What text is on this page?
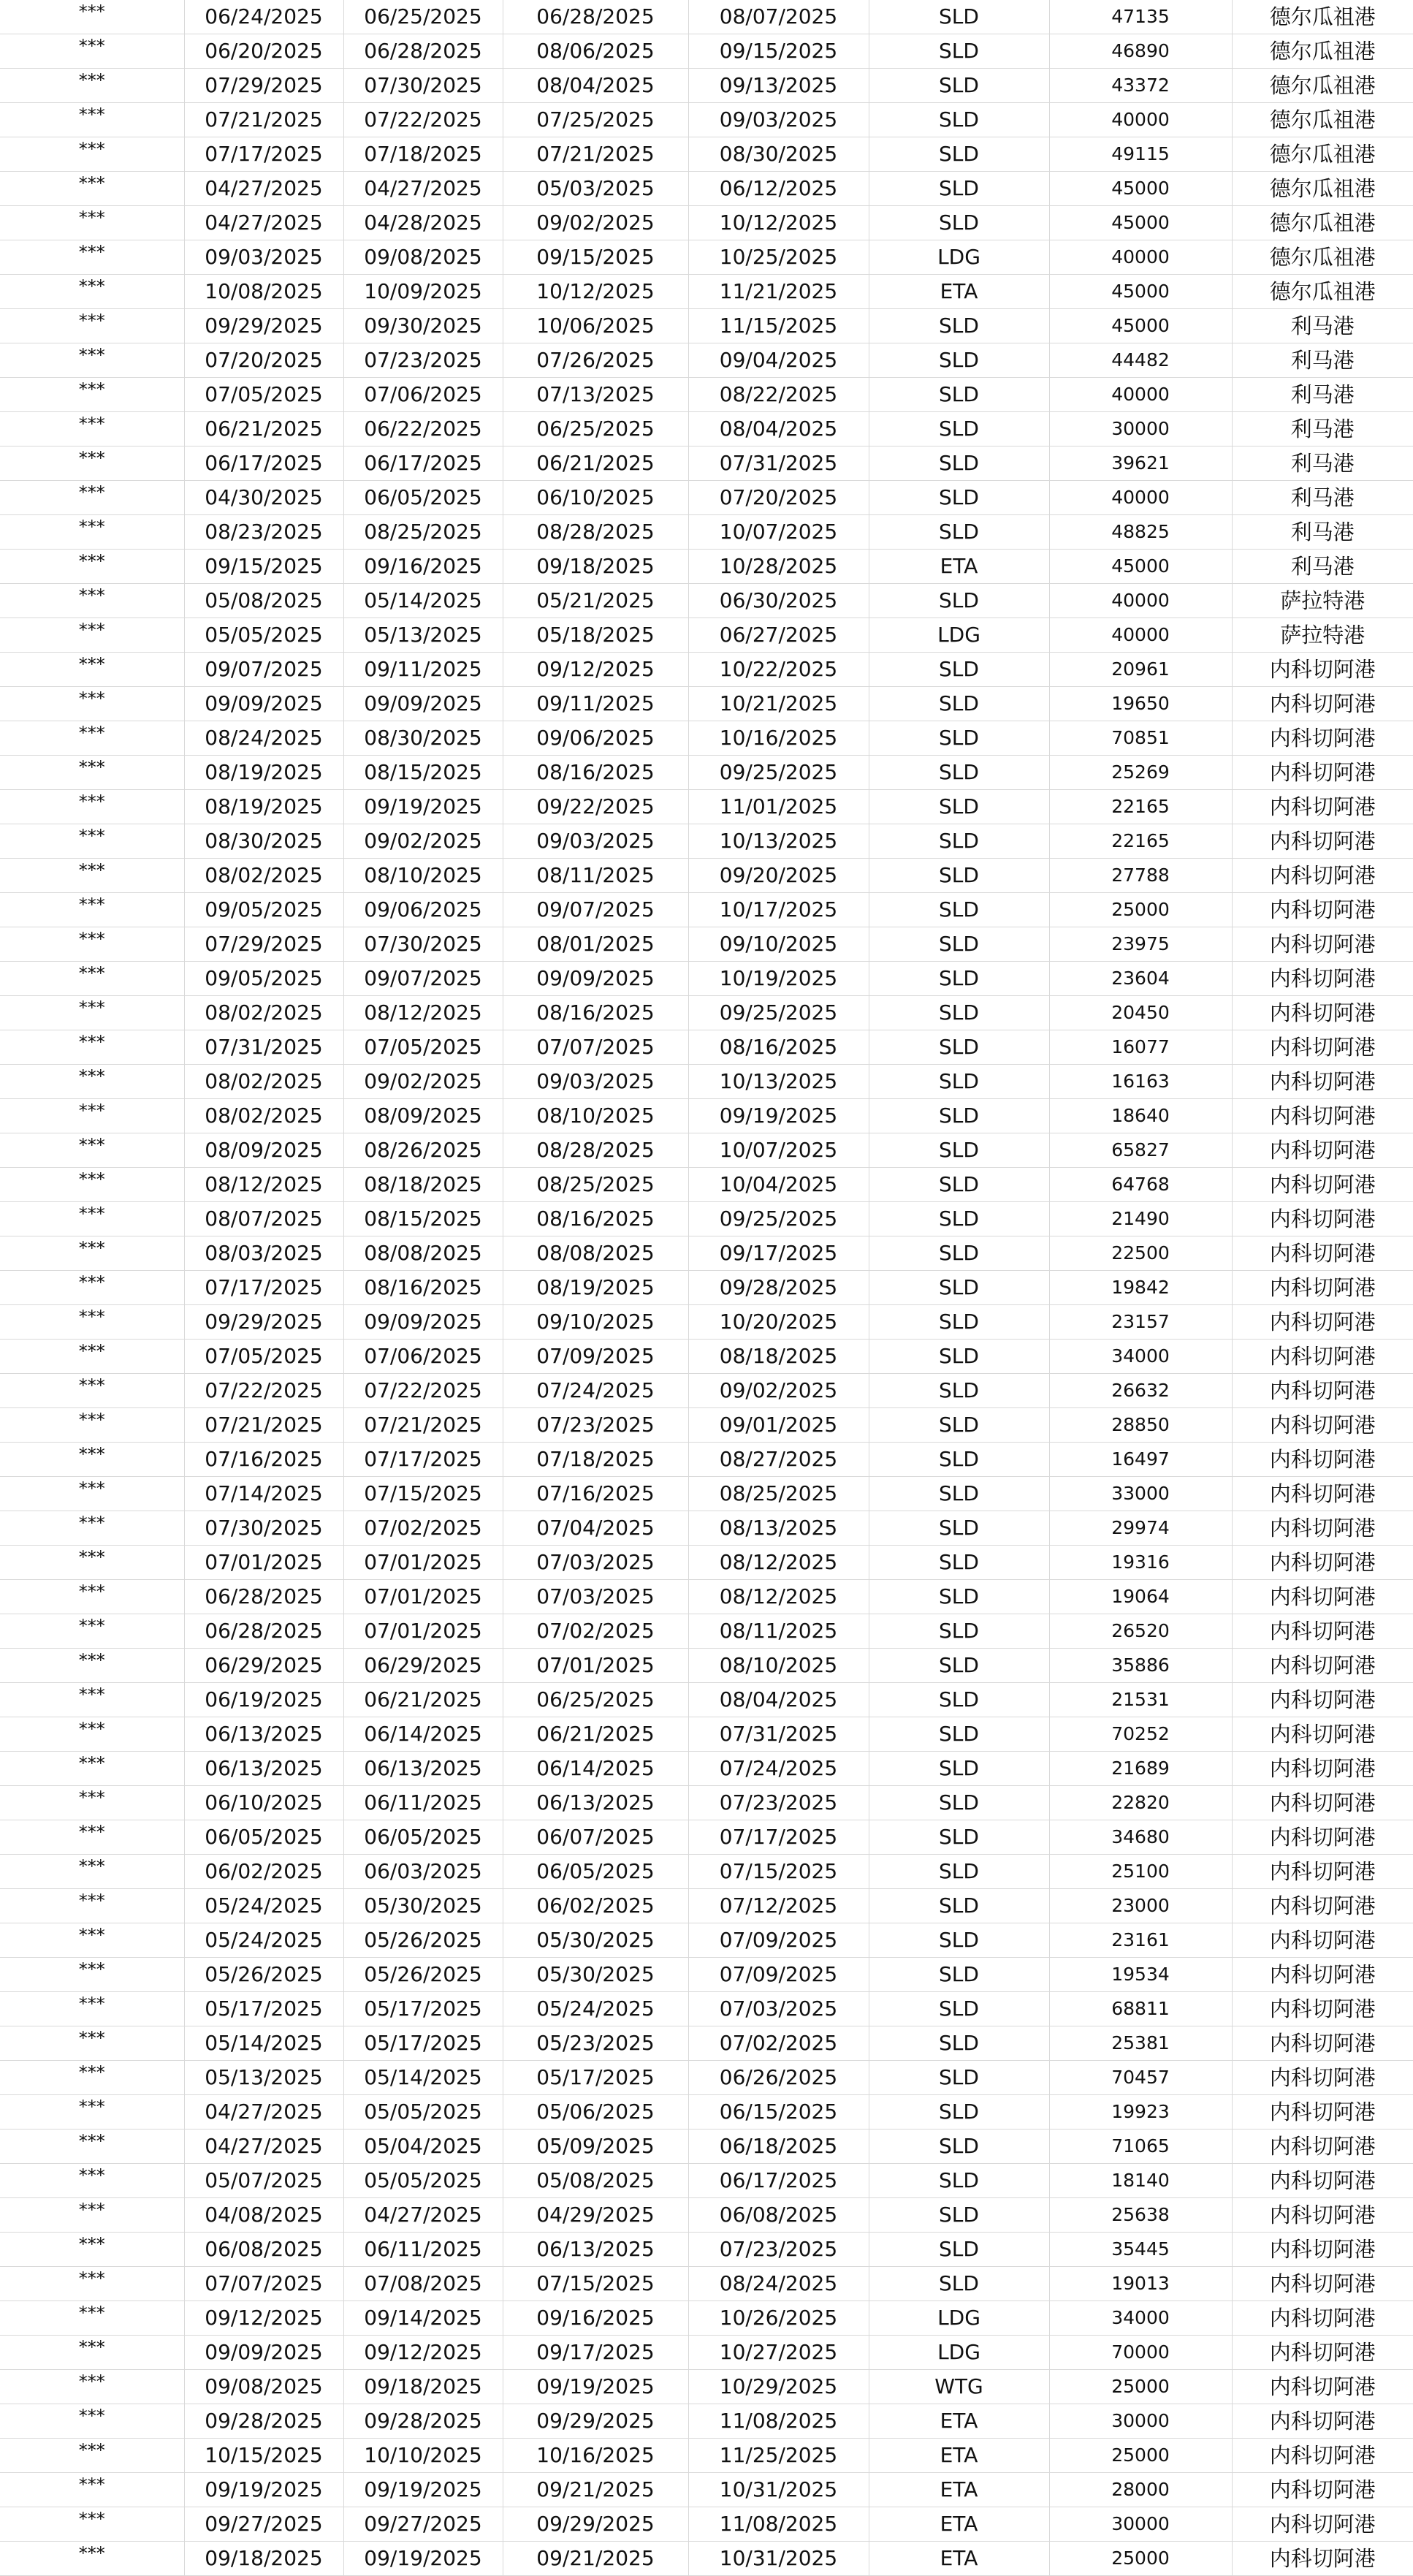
***	06/24/2025	06/25/2025	06/28/2025	08/07/2025	SLD	47135	德尔瓜祖港
***	06/20/2025	06/28/2025	08/06/2025	09/15/2025	SLD	46890	德尔瓜祖港
***	07/29/2025	07/30/2025	08/04/2025	09/13/2025	SLD	43372	德尔瓜祖港
***	07/21/2025	07/22/2025	07/25/2025	09/03/2025	SLD	40000	德尔瓜祖港
***	07/17/2025	07/18/2025	07/21/2025	08/30/2025	SLD	49115	德尔瓜祖港
***	04/27/2025	04/27/2025	05/03/2025	06/12/2025	SLD	45000	德尔瓜祖港
***	04/27/2025	04/28/2025	09/02/2025	10/12/2025	SLD	45000	德尔瓜祖港
***	09/03/2025	09/08/2025	09/15/2025	10/25/2025	LDG	40000	德尔瓜祖港
***	10/08/2025	10/09/2025	10/12/2025	11/21/2025	ETA	45000	德尔瓜祖港
***	09/29/2025	09/30/2025	10/06/2025	11/15/2025	SLD	45000	利马港
***	07/20/2025	07/23/2025	07/26/2025	09/04/2025	SLD	44482	利马港
***	07/05/2025	07/06/2025	07/13/2025	08/22/2025	SLD	40000	利马港
***	06/21/2025	06/22/2025	06/25/2025	08/04/2025	SLD	30000	利马港
***	06/17/2025	06/17/2025	06/21/2025	07/31/2025	SLD	39621	利马港
***	04/30/2025	06/05/2025	06/10/2025	07/20/2025	SLD	40000	利马港
***	08/23/2025	08/25/2025	08/28/2025	10/07/2025	SLD	48825	利马港
***	09/15/2025	09/16/2025	09/18/2025	10/28/2025	ETA	45000	利马港
***	05/08/2025	05/14/2025	05/21/2025	06/30/2025	SLD	40000	萨拉特港
***	05/05/2025	05/13/2025	05/18/2025	06/27/2025	LDG	40000	萨拉特港
***	09/07/2025	09/11/2025	09/12/2025	10/22/2025	SLD	20961	内科切阿港
***	09/09/2025	09/09/2025	09/11/2025	10/21/2025	SLD	19650	内科切阿港
***	08/24/2025	08/30/2025	09/06/2025	10/16/2025	SLD	70851	内科切阿港
***	08/19/2025	08/15/2025	08/16/2025	09/25/2025	SLD	25269	内科切阿港
***	08/19/2025	09/19/2025	09/22/2025	11/01/2025	SLD	22165	内科切阿港
***	08/30/2025	09/02/2025	09/03/2025	10/13/2025	SLD	22165	内科切阿港
***	08/02/2025	08/10/2025	08/11/2025	09/20/2025	SLD	27788	内科切阿港
***	09/05/2025	09/06/2025	09/07/2025	10/17/2025	SLD	25000	内科切阿港
***	07/29/2025	07/30/2025	08/01/2025	09/10/2025	SLD	23975	内科切阿港
***	09/05/2025	09/07/2025	09/09/2025	10/19/2025	SLD	23604	内科切阿港
***	08/02/2025	08/12/2025	08/16/2025	09/25/2025	SLD	20450	内科切阿港
***	07/31/2025	07/05/2025	07/07/2025	08/16/2025	SLD	16077	内科切阿港
***	08/02/2025	09/02/2025	09/03/2025	10/13/2025	SLD	16163	内科切阿港
***	08/02/2025	08/09/2025	08/10/2025	09/19/2025	SLD	18640	内科切阿港
***	08/09/2025	08/26/2025	08/28/2025	10/07/2025	SLD	65827	内科切阿港
***	08/12/2025	08/18/2025	08/25/2025	10/04/2025	SLD	64768	内科切阿港
***	08/07/2025	08/15/2025	08/16/2025	09/25/2025	SLD	21490	内科切阿港
***	08/03/2025	08/08/2025	08/08/2025	09/17/2025	SLD	22500	内科切阿港
***	07/17/2025	08/16/2025	08/19/2025	09/28/2025	SLD	19842	内科切阿港
***	09/29/2025	09/09/2025	09/10/2025	10/20/2025	SLD	23157	内科切阿港
***	07/05/2025	07/06/2025	07/09/2025	08/18/2025	SLD	34000	内科切阿港
***	07/22/2025	07/22/2025	07/24/2025	09/02/2025	SLD	26632	内科切阿港
***	07/21/2025	07/21/2025	07/23/2025	09/01/2025	SLD	28850	内科切阿港
***	07/16/2025	07/17/2025	07/18/2025	08/27/2025	SLD	16497	内科切阿港
***	07/14/2025	07/15/2025	07/16/2025	08/25/2025	SLD	33000	内科切阿港
***	07/30/2025	07/02/2025	07/04/2025	08/13/2025	SLD	29974	内科切阿港
***	07/01/2025	07/01/2025	07/03/2025	08/12/2025	SLD	19316	内科切阿港
***	06/28/2025	07/01/2025	07/03/2025	08/12/2025	SLD	19064	内科切阿港
***	06/28/2025	07/01/2025	07/02/2025	08/11/2025	SLD	26520	内科切阿港
***	06/29/2025	06/29/2025	07/01/2025	08/10/2025	SLD	35886	内科切阿港
***	06/19/2025	06/21/2025	06/25/2025	08/04/2025	SLD	21531	内科切阿港
***	06/13/2025	06/14/2025	06/21/2025	07/31/2025	SLD	70252	内科切阿港
***	06/13/2025	06/13/2025	06/14/2025	07/24/2025	SLD	21689	内科切阿港
***	06/10/2025	06/11/2025	06/13/2025	07/23/2025	SLD	22820	内科切阿港
***	06/05/2025	06/05/2025	06/07/2025	07/17/2025	SLD	34680	内科切阿港
***	06/02/2025	06/03/2025	06/05/2025	07/15/2025	SLD	25100	内科切阿港
***	05/24/2025	05/30/2025	06/02/2025	07/12/2025	SLD	23000	内科切阿港
***	05/24/2025	05/26/2025	05/30/2025	07/09/2025	SLD	23161	内科切阿港
***	05/26/2025	05/26/2025	05/30/2025	07/09/2025	SLD	19534	内科切阿港
***	05/17/2025	05/17/2025	05/24/2025	07/03/2025	SLD	68811	内科切阿港
***	05/14/2025	05/17/2025	05/23/2025	07/02/2025	SLD	25381	内科切阿港
***	05/13/2025	05/14/2025	05/17/2025	06/26/2025	SLD	70457	内科切阿港
***	04/27/2025	05/05/2025	05/06/2025	06/15/2025	SLD	19923	内科切阿港
***	04/27/2025	05/04/2025	05/09/2025	06/18/2025	SLD	71065	内科切阿港
***	05/07/2025	05/05/2025	05/08/2025	06/17/2025	SLD	18140	内科切阿港
***	04/08/2025	04/27/2025	04/29/2025	06/08/2025	SLD	25638	内科切阿港
***	06/08/2025	06/11/2025	06/13/2025	07/23/2025	SLD	35445	内科切阿港
***	07/07/2025	07/08/2025	07/15/2025	08/24/2025	SLD	19013	内科切阿港
***	09/12/2025	09/14/2025	09/16/2025	10/26/2025	LDG	34000	内科切阿港
***	09/09/2025	09/12/2025	09/17/2025	10/27/2025	LDG	70000	内科切阿港
***	09/08/2025	09/18/2025	09/19/2025	10/29/2025	WTG	25000	内科切阿港
***	09/28/2025	09/28/2025	09/29/2025	11/08/2025	ETA	30000	内科切阿港
***	10/15/2025	10/10/2025	10/16/2025	11/25/2025	ETA	25000	内科切阿港
***	09/19/2025	09/19/2025	09/21/2025	10/31/2025	ETA	28000	内科切阿港
***	09/27/2025	09/27/2025	09/29/2025	11/08/2025	ETA	30000	内科切阿港
***	09/18/2025	09/19/2025	09/21/2025	10/31/2025	ETA	25000	内科切阿港
